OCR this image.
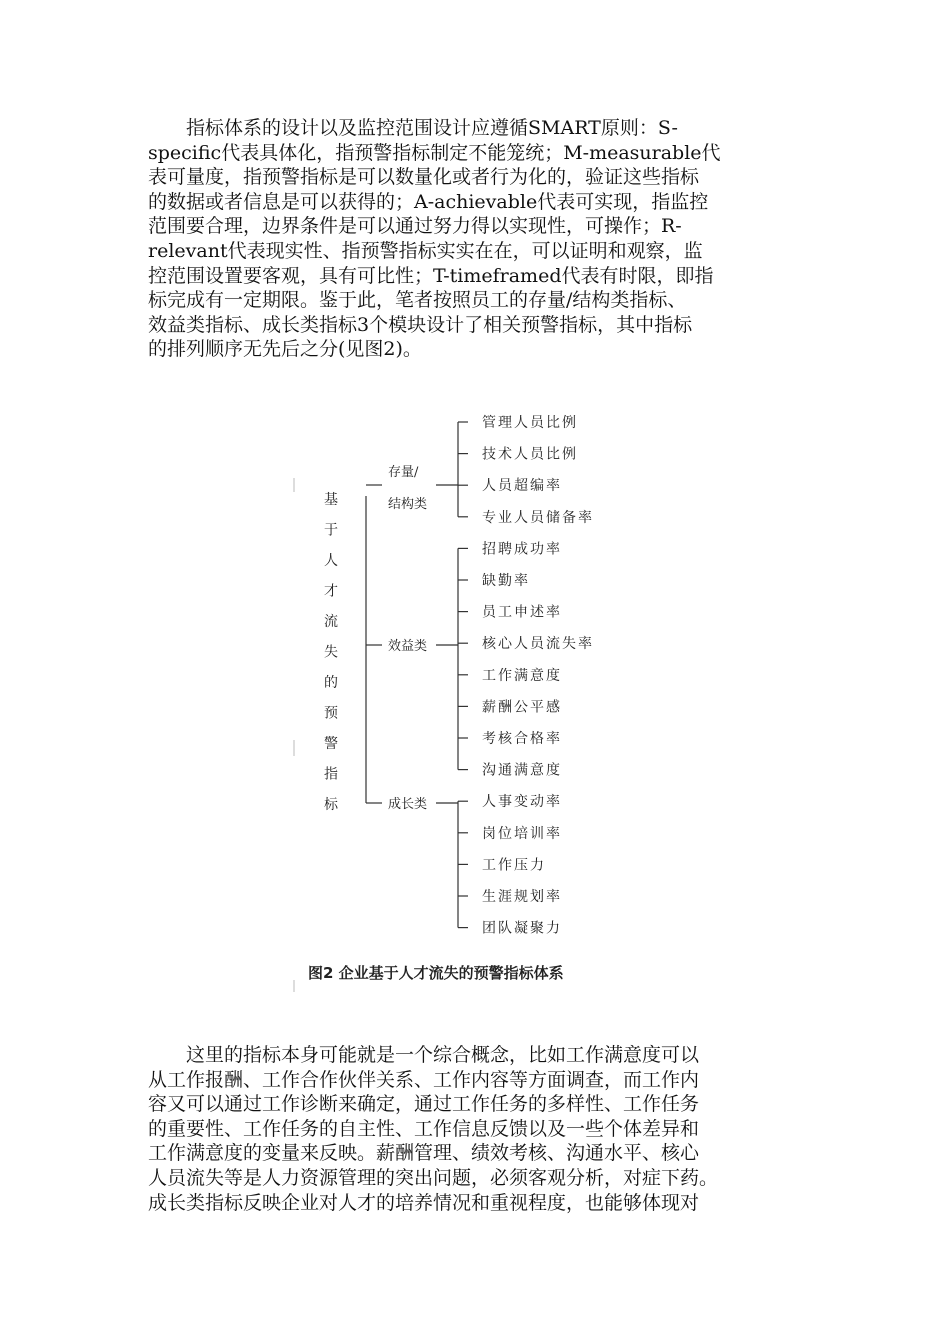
　　指标体系的设计以及监控范围设计应遵循SMART原则：S-
specific代表具体化，指预警指标制定不能笼统；M-measurable代
表可量度，指预警指标是可以数量化或者行为化的，验证这些指标
的数据或者信息是可以获得的；A-achievable代表可实现，指监控
范围要合理，边界条件是可以通过努力得以实现性，可操作；R-
relevant代表现实性、指预警指标实实在在，可以证明和观察，监
控范围设置要客观，具有可比性；T-timeframed代表有时限，即指
标完成有一定期限。鉴于此，笔者按照员工的存量/结构类指标、
效益类指标、成长类指标3个模块设计了相关预警指标，其中指标
的排列顺序无先后之分(见图2)。
基
于
人
才
流
失
的
预
警
指
标
存量/
结构类
管理人员比例
技术人员比例
人员超编率
专业人员储备率
效益类
招聘成功率
缺勤率
员工申述率
核心人员流失率
工作满意度
薪酬公平感
考核合格率
沟通满意度
成长类	人事变动率
岗位培训率
工作压力
生涯规划率
团队凝聚力
图2 企业基于人才流失的预警指标体系
　　这里的指标本身可能就是一个综合概念，比如工作满意度可以
从工作报酬、工作合作伙伴关系、工作内容等方面调查，而工作内
容又可以通过工作诊断来确定，通过工作任务的多样性、工作任务
的重要性、工作任务的自主性、工作信息反馈以及一些个体差异和
工作满意度的变量来反映。薪酬管理、绩效考核、沟通水平、核心
人员流失等是人力资源管理的突出问题，必须客观分析，对症下药。
成长类指标反映企业对人才的培养情况和重视程度，也能够体现对
